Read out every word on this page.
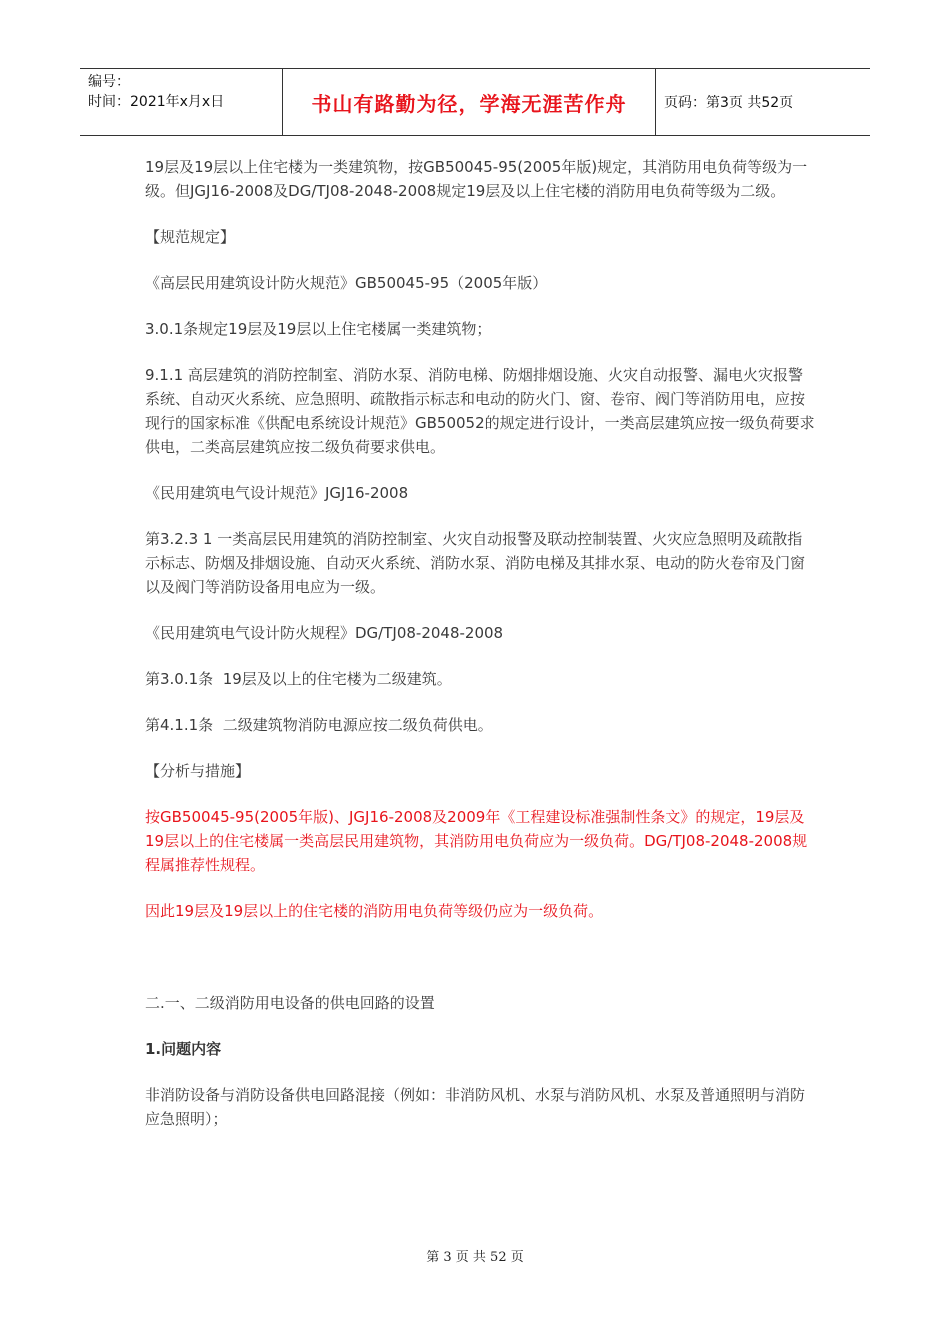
编号：
时间：2021年x月x日	书山有路勤为径，学海无涯苦作舟	页码：第3页 共52页

19层及19层以上住宅楼为一类建筑物，按GB50045-95(2005年版)规定，其消防用电负荷等级为一级。但JGJ16-2008及DG/TJ08-2048-2008规定19层及以上住宅楼的消防用电负荷等级为二级。

【规范规定】

《高层民用建筑设计防火规范》GB50045-95（2005年版）

3.0.1条规定19层及19层以上住宅楼属一类建筑物；

9.1.1 高层建筑的消防控制室、消防水泵、消防电梯、防烟排烟设施、火灾自动报警、漏电火灾报警系统、自动灭火系统、应急照明、疏散指示标志和电动的防火门、窗、卷帘、阀门等消防用电，应按现行的国家标准《供配电系统设计规范》GB50052的规定进行设计，一类高层建筑应按一级负荷要求供电，二类高层建筑应按二级负荷要求供电。

《民用建筑电气设计规范》JGJ16-2008

第3.2.3 1 一类高层民用建筑的消防控制室、火灾自动报警及联动控制装置、火灾应急照明及疏散指示标志、防烟及排烟设施、自动灭火系统、消防水泵、消防电梯及其排水泵、电动的防火卷帘及门窗以及阀门等消防设备用电应为一级。

《民用建筑电气设计防火规程》DG/TJ08-2048-2008

第3.0.1条  19层及以上的住宅楼为二级建筑。

第4.1.1条  二级建筑物消防电源应按二级负荷供电。

【分析与措施】

按GB50045-95(2005年版)、JGJ16-2008及2009年《工程建设标准强制性条文》的规定，19层及19层以上的住宅楼属一类高层民用建筑物，其消防用电负荷应为一级负荷。DG/TJ08-2048-2008规程属推荐性规程。

因此19层及19层以上的住宅楼的消防用电负荷等级仍应为一级负荷。

二.一、二级消防用电设备的供电回路的设置

1.问题内容

非消防设备与消防设备供电回路混接（例如：非消防风机、水泵与消防风机、水泵及普通照明与消防应急照明）；

第 3 页 共 52 页
